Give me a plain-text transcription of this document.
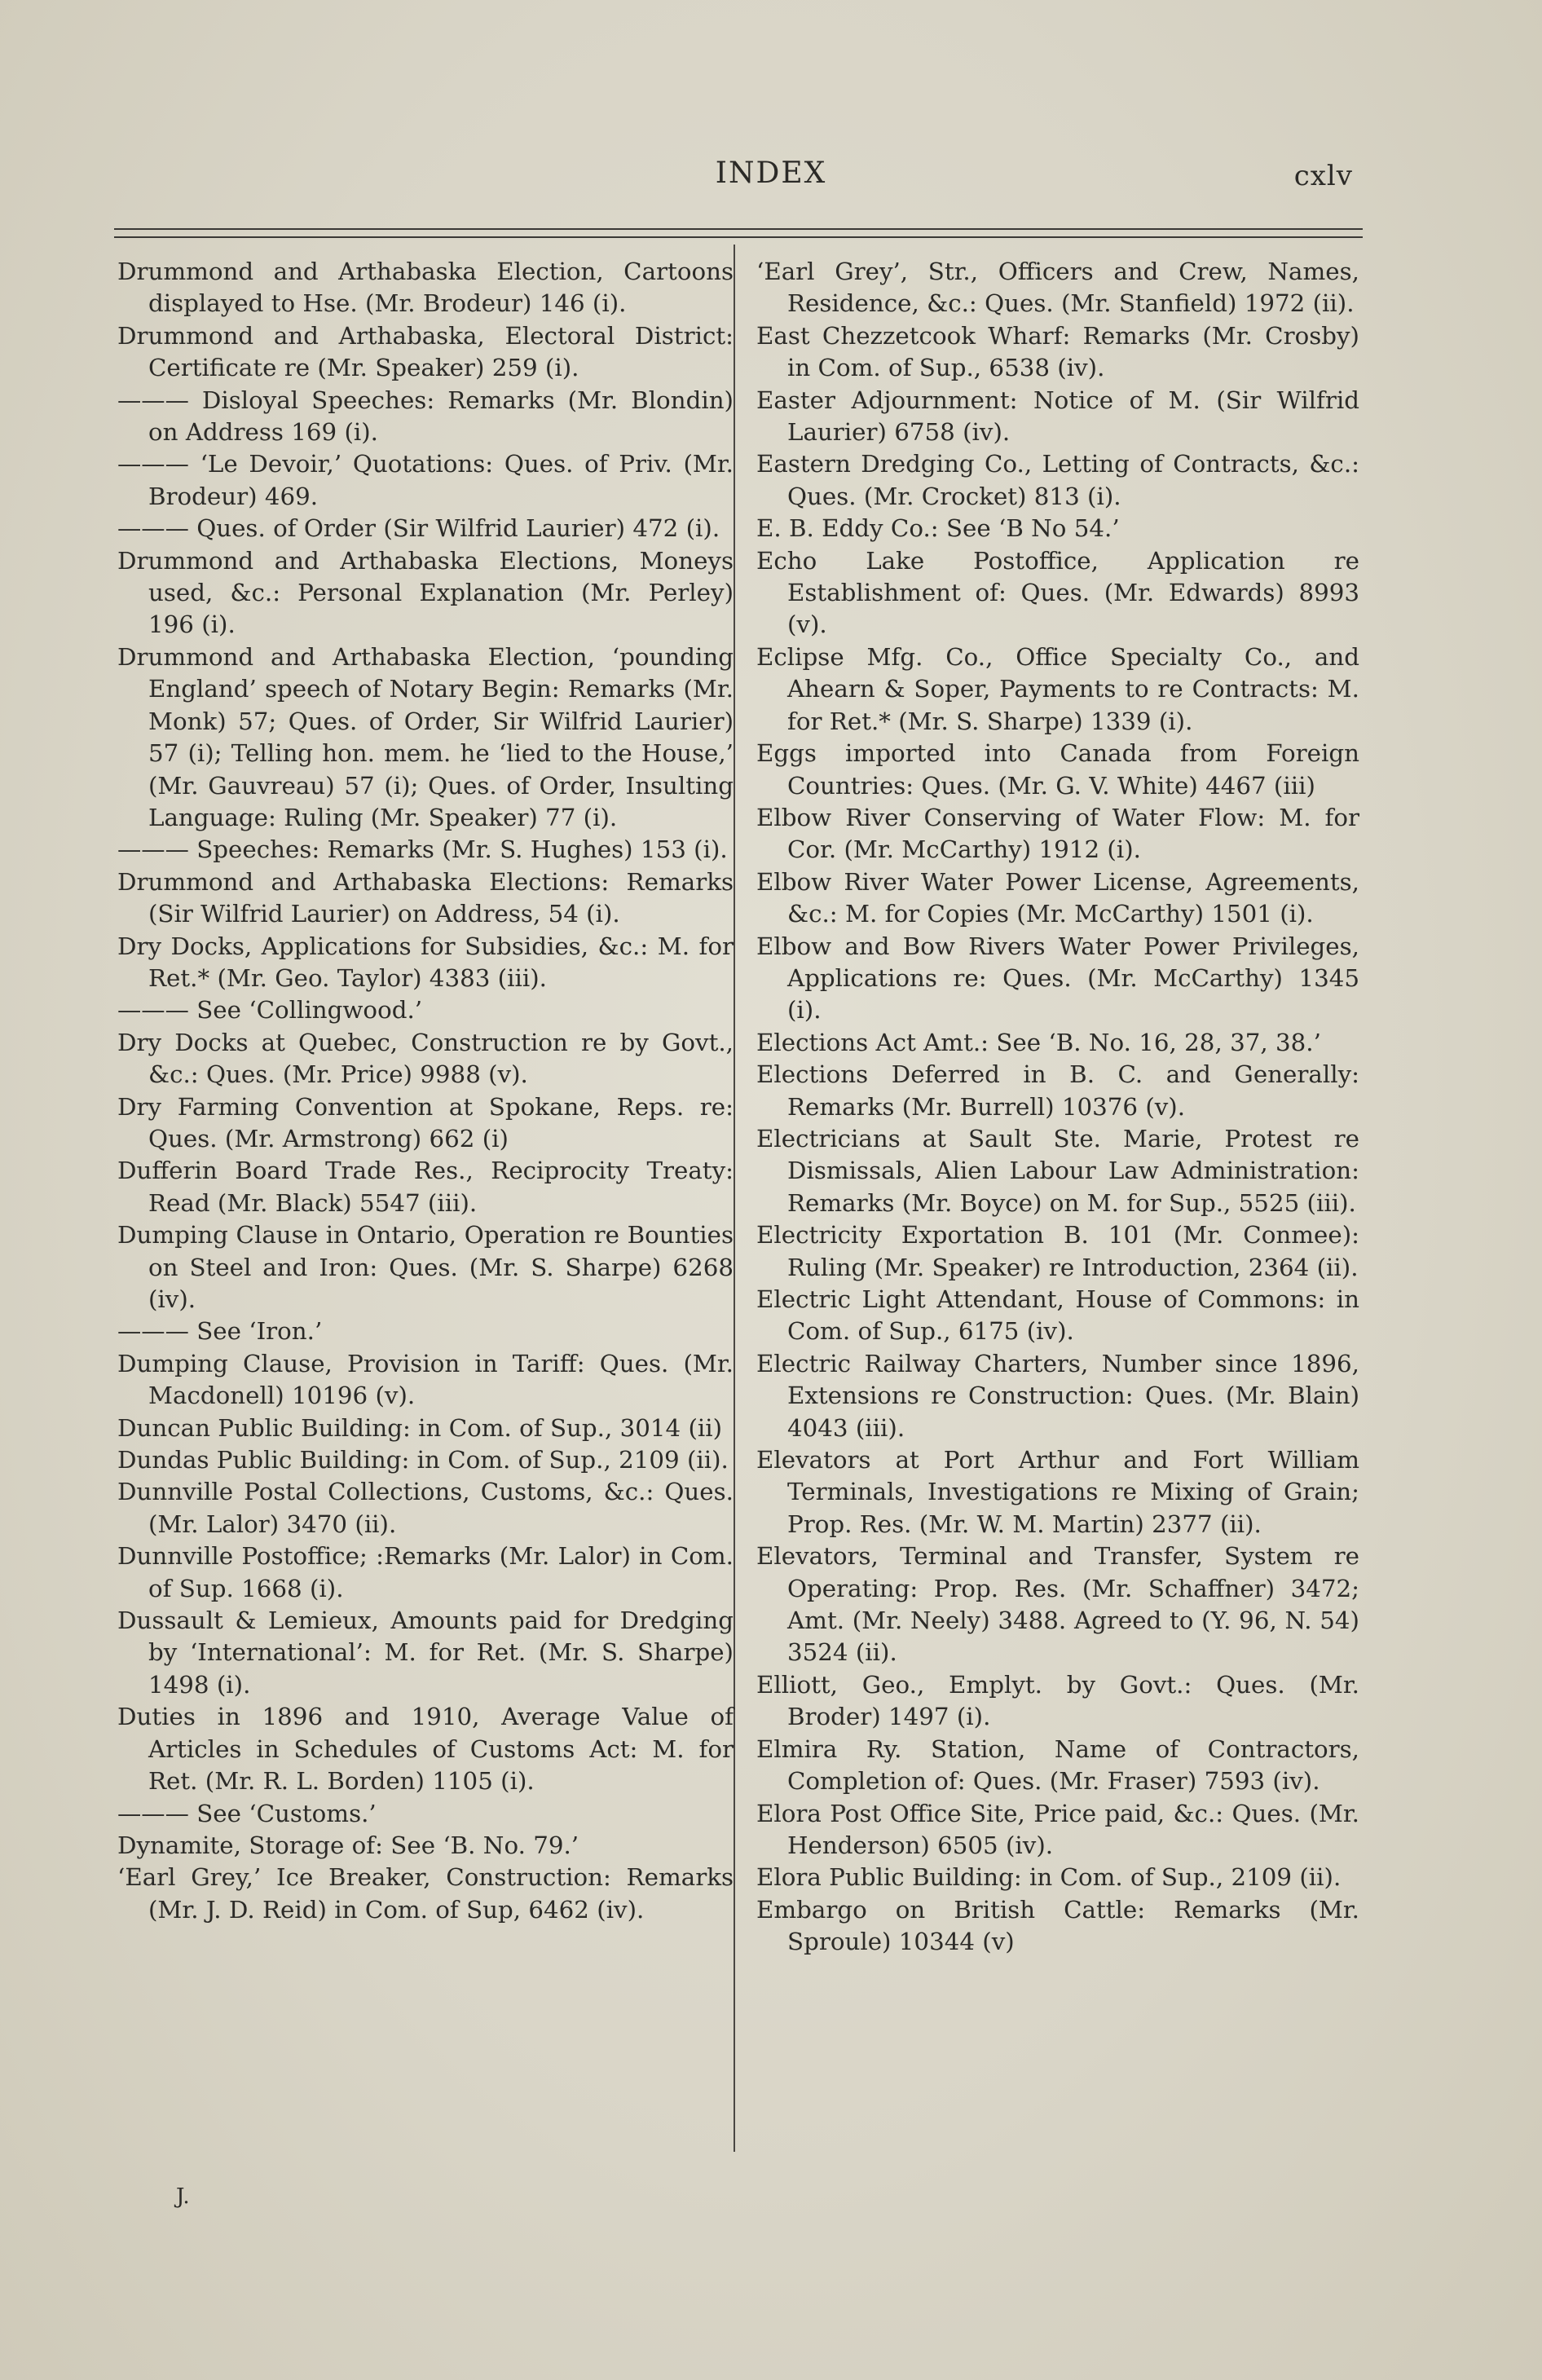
INDEX	cxlv
Drummond and Arthabaska Election, Cartoons displayed to Hse. (Mr. Brodeur) 146 (i).
Drummond and Arthabaska, Electoral District: Certificate re (Mr. Speaker) 259 (i).
——— Disloyal Speeches: Remarks (Mr. Blondin) on Address 169 (i).
——— ‘Le Devoir,’ Quotations: Ques. of Priv. (Mr. Brodeur) 469.
——— Ques. of Order (Sir Wilfrid Laurier) 472 (i).
Drummond and Arthabaska Elections, Moneys used, &c.: Personal Explanation (Mr. Perley) 196 (i).
Drummond and Arthabaska Election, ‘pounding England’ speech of Notary Begin: Remarks (Mr. Monk) 57; Ques. of Order, Sir Wilfrid Laurier) 57 (i); Telling hon. mem. he ‘lied to the House,’ (Mr. Gauvreau) 57 (i); Ques. of Order, Insulting Language: Ruling (Mr. Speaker) 77 (i).
——— Speeches: Remarks (Mr. S. Hughes) 153 (i).
Drummond and Arthabaska Elections: Remarks (Sir Wilfrid Laurier) on Address, 54 (i).
Dry Docks, Applications for Subsidies, &c.: M. for Ret.* (Mr. Geo. Taylor) 4383 (iii).
——— See ‘Collingwood.’
Dry Docks at Quebec, Construction re by Govt., &c.: Ques. (Mr. Price) 9988 (v).
Dry Farming Convention at Spokane, Reps. re: Ques. (Mr. Armstrong) 662 (i)
Dufferin Board Trade Res., Reciprocity Treaty: Read (Mr. Black) 5547 (iii).
Dumping Clause in Ontario, Operation re Bounties on Steel and Iron: Ques. (Mr. S. Sharpe) 6268 (iv).
——— See ‘Iron.’
Dumping Clause, Provision in Tariff: Ques. (Mr. Macdonell) 10196 (v).
Duncan Public Building: in Com. of Sup., 3014 (ii)
Dundas Public Building: in Com. of Sup., 2109 (ii).
Dunnville Postal Collections, Customs, &c.: Ques. (Mr. Lalor) 3470 (ii).
Dunnville Postoffice; :Remarks (Mr. Lalor) in Com. of Sup. 1668 (i).
Dussault & Lemieux, Amounts paid for Dredging by ‘International’: M. for Ret. (Mr. S. Sharpe) 1498 (i).
Duties in 1896 and 1910, Average Value of Articles in Schedules of Customs Act: M. for Ret. (Mr. R. L. Borden) 1105 (i).
——— See ‘Customs.’
Dynamite, Storage of: See ‘B. No. 79.’
‘Earl Grey,’ Ice Breaker, Construction: Remarks (Mr. J. D. Reid) in Com. of Sup, 6462 (iv).
‘Earl Grey’, Str., Officers and Crew, Names, Residence, &c.: Ques. (Mr. Stanfield) 1972 (ii).
East Chezzetcook Wharf: Remarks (Mr. Crosby) in Com. of Sup., 6538 (iv).
Easter Adjournment: Notice of M. (Sir Wilfrid Laurier) 6758 (iv).
Eastern Dredging Co., Letting of Contracts, &c.: Ques. (Mr. Crocket) 813 (i).
E. B. Eddy Co.: See ‘B No 54.’
Echo Lake Postoffice, Application re Establishment of: Ques. (Mr. Edwards) 8993 (v).
Eclipse Mfg. Co., Office Specialty Co., and Ahearn & Soper, Payments to re Contracts: M. for Ret.* (Mr. S. Sharpe) 1339 (i).
Eggs imported into Canada from Foreign Countries: Ques. (Mr. G. V. White) 4467 (iii)
Elbow River Conserving of Water Flow: M. for Cor. (Mr. McCarthy) 1912 (i).
Elbow River Water Power License, Agreements, &c.: M. for Copies (Mr. McCarthy) 1501 (i).
Elbow and Bow Rivers Water Power Privileges, Applications re: Ques. (Mr. McCarthy) 1345 (i).
Elections Act Amt.: See ‘B. No. 16, 28, 37, 38.’
Elections Deferred in B. C. and Generally: Remarks (Mr. Burrell) 10376 (v).
Electricians at Sault Ste. Marie, Protest re Dismissals, Alien Labour Law Administration: Remarks (Mr. Boyce) on M. for Sup., 5525 (iii).
Electricity Exportation B. 101 (Mr. Conmee): Ruling (Mr. Speaker) re Introduction, 2364 (ii).
Electric Light Attendant, House of Commons: in Com. of Sup., 6175 (iv).
Electric Railway Charters, Number since 1896, Extensions re Construction: Ques. (Mr. Blain) 4043 (iii).
Elevators at Port Arthur and Fort William Terminals, Investigations re Mixing of Grain; Prop. Res. (Mr. W. M. Martin) 2377 (ii).
Elevators, Terminal and Transfer, System re Operating: Prop. Res. (Mr. Schaffner) 3472; Amt. (Mr. Neely) 3488. Agreed to (Y. 96, N. 54) 3524 (ii).
Elliott, Geo., Emplyt. by Govt.: Ques. (Mr. Broder) 1497 (i).
Elmira Ry. Station, Name of Contractors, Completion of: Ques. (Mr. Fraser) 7593 (iv).
Elora Post Office Site, Price paid, &c.: Ques. (Mr. Henderson) 6505 (iv).
Elora Public Building: in Com. of Sup., 2109 (ii).
Embargo on British Cattle: Remarks (Mr. Sproule) 10344 (v)
J.
